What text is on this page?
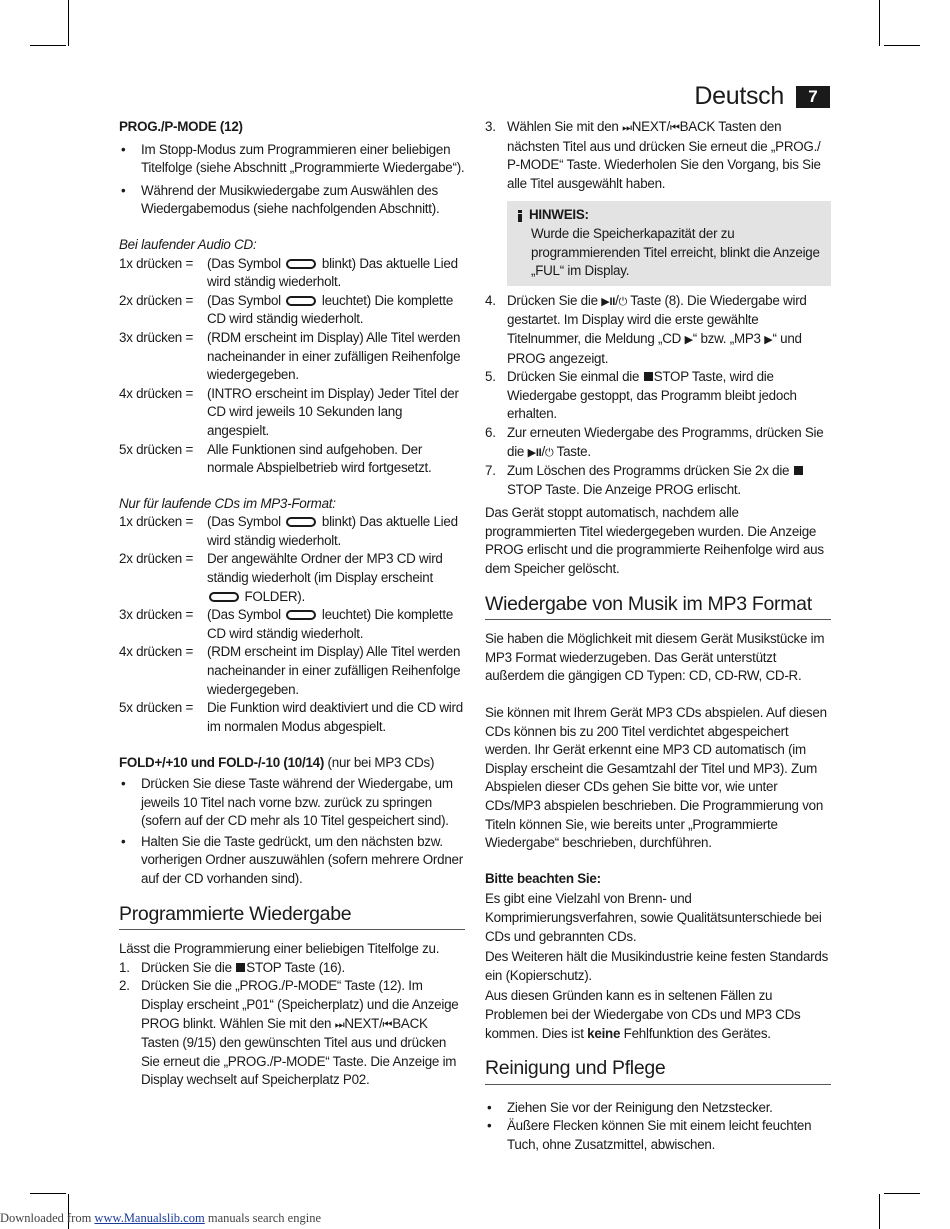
Deutsch	7

PROG./P-MODE (12)

• Im Stopp-Modus zum Programmieren einer beliebigen Titelfolge (siehe Abschnitt „Programmierte Wiedergabe“).

• Während der Musikwiedergabe zum Auswählen des Wiedergabemodus (siehe nachfolgenden Abschnitt).

Bei laufender Audio CD:

1x drücken =	(Das Symbol	blinkt) Das aktuelle Lied wird ständig wiederholt.
2x drücken =	(Das Symbol	leuchtet) Die komplette CD wird ständig wiederholt.
3x drücken =	(RDM erscheint im Display) Alle Titel werden nacheinander in einer zufälligen Reihenfolge wiedergegeben.
4x drücken =	(INTRO erscheint im Display) Jeder Titel der CD wird jeweils 10 Sekunden lang angespielt.
5x drücken =	Alle Funktionen sind aufgehoben. Der normale Abspielbetrieb wird fortgesetzt.

Nur für laufende CDs im MP3-Format:

1x drücken =	(Das Symbol	blinkt) Das aktuelle Lied wird ständig wiederholt.
2x drücken =	Der angewählte Ordner der MP3 CD wird ständig wiederholt (im Display erscheint  FOLDER).
3x drücken =	(Das Symbol	leuchtet) Die komplette CD wird ständig wiederholt.
4x drücken =	(RDM erscheint im Display) Alle Titel werden nacheinander in einer zufälligen Reihenfolge wiedergegeben.
5x drücken =	Die Funktion wird deaktiviert und die CD wird im normalen Modus abgespielt.

FOLD+/+10 und FOLD-/-10 (10/14) (nur bei MP3 CDs)

• Drücken Sie diese Taste während der Wiedergabe, um jeweils 10 Titel nach vorne bzw. zurück zu springen (sofern auf der CD mehr als 10 Titel gespeichert sind).

• Halten Sie die Taste gedrückt, um den nächsten bzw. vorherigen Ordner auszuwählen (sofern mehrere Ordner auf der CD vorhanden sind).

Programmierte Wiedergabe

Lässt die Programmierung einer beliebigen Titelfolge zu.

1. Drücken Sie die STOP Taste (16).
2. Drücken Sie die „PROG./P-MODE“ Taste (12). Im Display erscheint „P01“ (Speicherplatz) und die Anzeige PROG blinkt. Wählen Sie mit den ⏭NEXT/⏮BACK Tasten (9/15) den gewünschten Titel aus und drücken Sie erneut die „PROG./P-MODE“ Taste. Die Anzeige im Display wechselt auf Speicherplatz P02.
3. Wählen Sie mit den ⏭NEXT/⏮BACK Tasten den nächsten Titel aus und drücken Sie erneut die „PROG./ P-MODE“ Taste. Wiederholen Sie den Vorgang, bis Sie alle Titel ausgewählt haben.
HINWEIS:

Wurde die Speicherkapazität der zu programmierenden Titel erreicht, blinkt die Anzeige „FUL“ im Display.

4. Drücken Sie die ▶II/⏻ Taste (8). Die Wiedergabe wird gestartet. Im Display wird die erste gewählte Titelnummer, die Meldung „CD ▶“ bzw. „MP3 ▶“ und PROG angezeigt.
5. Drücken Sie einmal die STOP Taste, wird die Wiedergabe gestoppt, das Programm bleibt jedoch erhalten.
6. Zur erneuten Wiedergabe des Programms, drücken Sie die ▶II/⏻ Taste.
7. Zum Löschen des Programms drücken Sie 2x die STOP Taste. Die Anzeige PROG erlischt.

Das Gerät stoppt automatisch, nachdem alle programmierten Titel wiedergegeben wurden. Die Anzeige PROG erlischt und die programmierte Reihenfolge wird aus dem Speicher gelöscht.

Wiedergabe von Musik im MP3 Format

Sie haben die Möglichkeit mit diesem Gerät Musikstücke im MP3 Format wiederzugeben. Das Gerät unterstützt außerdem die gängigen CD Typen: CD, CD-RW, CD-R.

Sie können mit Ihrem Gerät MP3 CDs abspielen. Auf diesen CDs können bis zu 200 Titel verdichtet abgespeichert werden. Ihr Gerät erkennt eine MP3 CD automatisch (im Display erscheint die Gesamtzahl der Titel und MP3). Zum Abspielen dieser CDs gehen Sie bitte vor, wie unter CDs/MP3 abspielen beschrieben. Die Programmierung von Titeln können Sie, wie bereits unter „Programmierte Wiedergabe“ beschrieben, durchführen.

Bitte beachten Sie:

Es gibt eine Vielzahl von Brenn- und Komprimierungsverfahren, sowie Qualitätsunterschiede bei CDs und gebrannten CDs.

Des Weiteren hält die Musikindustrie keine festen Standards ein (Kopierschutz).

Aus diesen Gründen kann es in seltenen Fällen zu Problemen bei der Wiedergabe von CDs und MP3 CDs kommen. Dies ist keine Fehlfunktion des Gerätes.

Reinigung und Pflege

• Ziehen Sie vor der Reinigung den Netzstecker.

• Äußere Flecken können Sie mit einem leicht feuchten Tuch, ohne Zusatzmittel, abwischen.

Downloaded from www.Manualslib.com manuals search engine
